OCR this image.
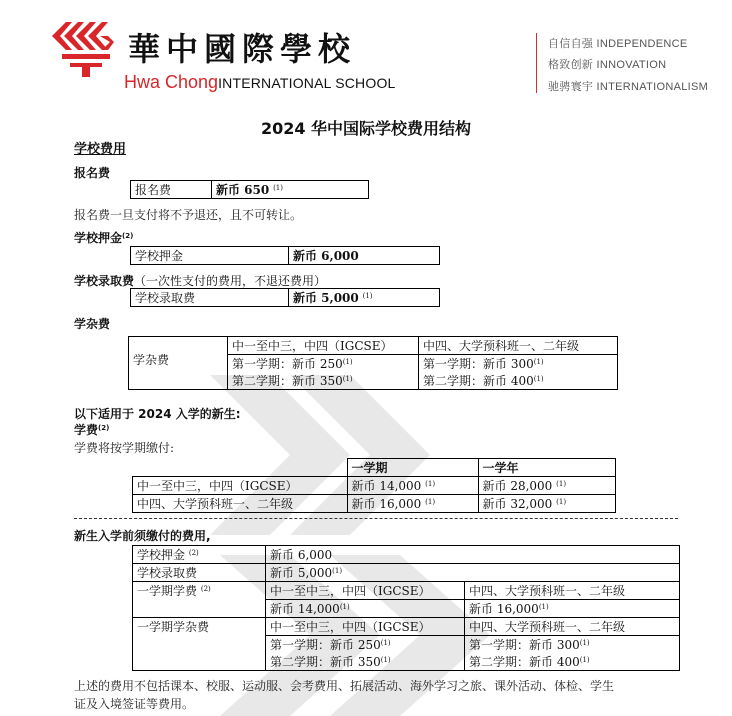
華中國際學校
Hwa ChongINTERNATIONAL SCHOOL
自信自强 INDEPENDENCE
格致创新 INNOVATION
驰骋寰宇 INTERNATIONALISM
2024 华中国际学校费用结构
学校费用
报名费
报名费	新币 650 $^{(1)}$
报名费一旦支付将不予退还，且不可转让。
学校押金$^{(2)}$
学校押金	新币 6,000
学校录取费（一次性支付的费用，不退还费用）
学校录取费	新币 5,000 $^{(1)}$
学杂费
学杂费	中一至中三，中四（IGCSE）	中四、大学预科班一、二年级
	第一学期：新币 250$^{(1)}$	第一学期：新币 300$^{(1)}$
	第二学期：新币 350$^{(1)}$	第二学期：新币 400$^{(1)}$
以下适用于 2024 入学的新生:
学费$^{(2)}$
学费将按学期缴付:
	一学期	一学年
中一至中三，中四（IGCSE）	新币 14,000 $^{(1)}$	新币 28,000 $^{(1)}$
中四、大学预科班一、二年级	新币 16,000 $^{(1)}$	新币 32,000 $^{(1)}$
新生入学前须缴付的费用,
学校押金 $^{(2)}$	新币 6,000	
学校录取费	新币 5,000$^{(1)}$
一学期学费 $^{(2)}$	中一至中三，中四（IGCSE）	中四、大学预科班一、二年级
	新币 14,000$^{(1)}$	新币 16,000$^{(1)}$
一学期学杂费	中一至中三，中四（IGCSE）	中四、大学预科班一、二年级
	第一学期：新币 250$^{(1)}$	第一学期：新币 300$^{(1)}$
	第二学期：新币 350$^{(1)}$	第二学期：新币 400$^{(1)}$
上述的费用不包括课本、校服、运动服、会考费用、拓展活动、海外学习之旅、课外活动、体检、学生
证及入境签证等费用。
